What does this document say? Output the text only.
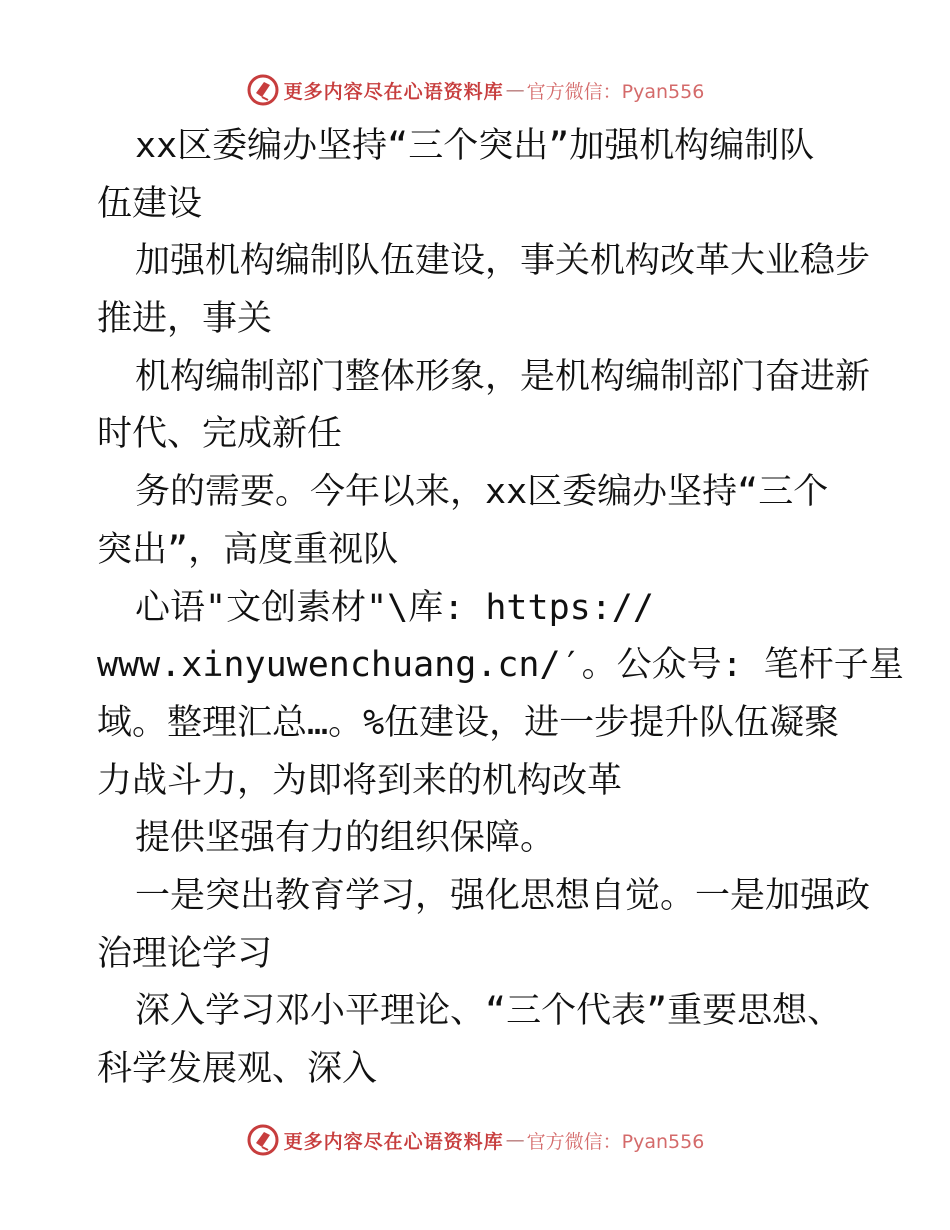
更多内容尽在心语资料库 — 官方微信：Pyan556
xx区委编办坚持“三个突出”加强机构编制队
伍建设
加强机构编制队伍建设，事关机构改革大业稳步
推进，事关
机构编制部门整体形象，是机构编制部门奋进新
时代、完成新任
务的需要。今年以来，xx区委编办坚持“三个
突出”，高度重视队
心语"文创素材"\库: https://
www.xinyuwenchuang.cn/′。公众号: 笔杆子星
域。整理汇总…。%伍建设，进一步提升队伍凝聚
力战斗力，为即将到来的机构改革
提供坚强有力的组织保障。
一是突出教育学习，强化思想自觉。一是加强政
治理论学习
深入学习邓小平理论、“三个代表”重要思想、
科学发展观、深入
更多内容尽在心语资料库 — 官方微信：Pyan556
